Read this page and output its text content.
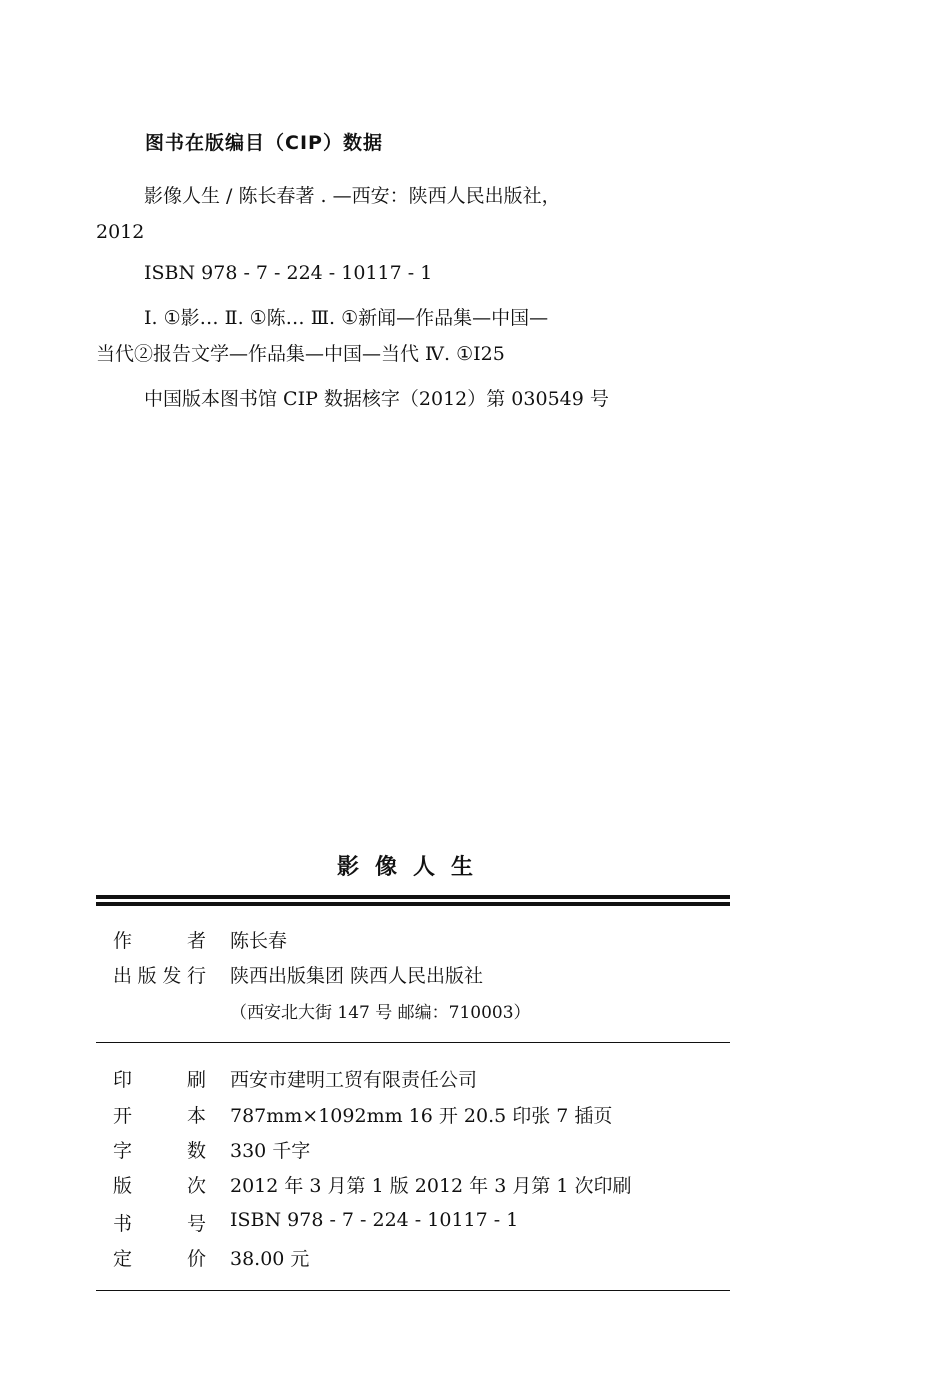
图书在版编目（CIP）数据
影像人生 / 陈长春著 . —西安：陕西人民出版社，
2012
ISBN 978 - 7 - 224 - 10117 - 1
Ⅰ. ①影… Ⅱ. ①陈… Ⅲ. ①新闻—作品集—中国—
当代②报告文学—作品集—中国—当代 Ⅳ. ①I25
中国版本图书馆 CIP 数据核字（2012）第 030549 号
影像人生
作者 陈长春
出版发行 陕西出版集团 陕西人民出版社
（西安北大街 147 号 邮编：710003）
印刷 西安市建明工贸有限责任公司
开本 787mm×1092mm 16 开 20.5 印张 7 插页
字数 330 千字
版次 2012 年 3 月第 1 版 2012 年 3 月第 1 次印刷
书号 ISBN 978 - 7 - 224 - 10117 - 1
定价 38.00 元
